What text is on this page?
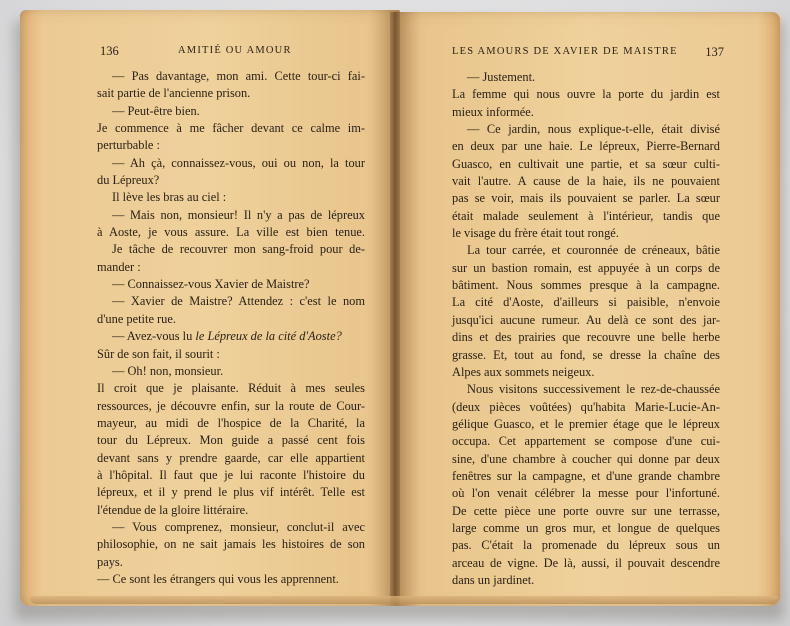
136	AMITIÉ OU AMOUR	LES AMOURS DE XAVIER DE MAISTRE 137
— Pas davantage, mon ami. Cette tour-ci fai-
sait partie de l'ancienne prison.
— Peut-être bien.
Je commence à me fâcher devant ce calme im-
perturbable :
— Ah çà, connaissez-vous, oui ou non, la tour
du Lépreux?
Il lève les bras au ciel :
— Mais non, monsieur! Il n'y a pas de lépreux
à Aoste, je vous assure. La ville est bien tenue.
Je tâche de recouvrer mon sang-froid pour de-
mander :
— Connaissez-vous Xavier de Maistre?
— Xavier de Maistre? Attendez : c'est le nom
d'une petite rue.
— Avez-vous lu le Lépreux de la cité d'Aoste?
Sûr de son fait, il sourit :
— Oh! non, monsieur.
Il croit que je plaisante. Réduit à mes seules
ressources, je découvre enfin, sur la route de Cour-
mayeur, au midi de l'hospice de la Charité, la
tour du Lépreux. Mon guide a passé cent fois
devant sans y prendre gaarde, car elle appartient
à l'hôpital. Il faut que je lui raconte l'histoire du
lépreux, et il y prend le plus vif intérêt. Telle est
l'étendue de la gloire littéraire.
— Vous comprenez, monsieur, conclut-il avec
philosophie, on ne sait jamais les histoires de son
pays.
— Ce sont les étrangers qui vous les apprennent.
— Justement.
La femme qui nous ouvre la porte du jardin est
mieux informée.
— Ce jardin, nous explique-t-elle, était divisé
en deux par une haie. Le lépreux, Pierre-Bernard
Guasco, en cultivait une partie, et sa sœur culti-
vait l'autre. A cause de la haie, ils ne pouvaient
pas se voir, mais ils pouvaient se parler. La sœur
était malade seulement à l'intérieur, tandis que
le visage du frère était tout rongé.
La tour carrée, et couronnée de créneaux, bâtie
sur un bastion romain, est appuyée à un corps de
bâtiment. Nous sommes presque à la campagne.
La cité d'Aoste, d'ailleurs si paisible, n'envoie
jusqu'ici aucune rumeur. Au delà ce sont des jar-
dins et des prairies que recouvre une belle herbe
grasse. Et, tout au fond, se dresse la chaîne des
Alpes aux sommets neigeux.
Nous visitons successivement le rez-de-chaussée
(deux pièces voûtées) qu'habita Marie-Lucie-An-
gélique Guasco, et le premier étage que le lépreux
occupa. Cet appartement se compose d'une cui-
sine, d'une chambre à coucher qui donne par deux
fenêtres sur la campagne, et d'une grande chambre
où l'on venait célébrer la messe pour l'infortuné.
De cette pièce une porte ouvre sur une terrasse,
large comme un gros mur, et longue de quelques
pas. C'était la promenade du lépreux sous un
arceau de vigne. De là, aussi, il pouvait descendre
dans un jardinet.
